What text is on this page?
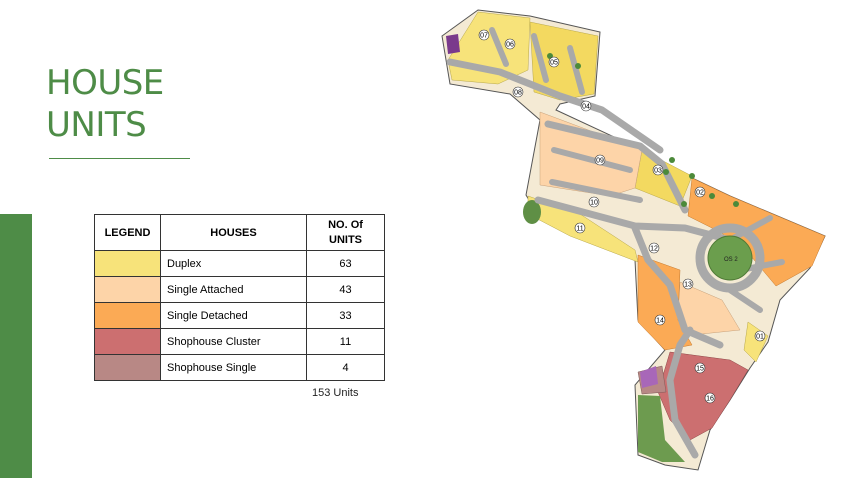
HOUSE
UNITS
LEGEND	HOUSES	NO. Of
UNITS
	Duplex	63
	Single Attached	43
	Single Detached	33
	Shophouse Cluster	11
	Shophouse Single	4
153 Units
OS 2
07
06
05
08
04
09
03
02
10
11
12
13
14
01
15
16
